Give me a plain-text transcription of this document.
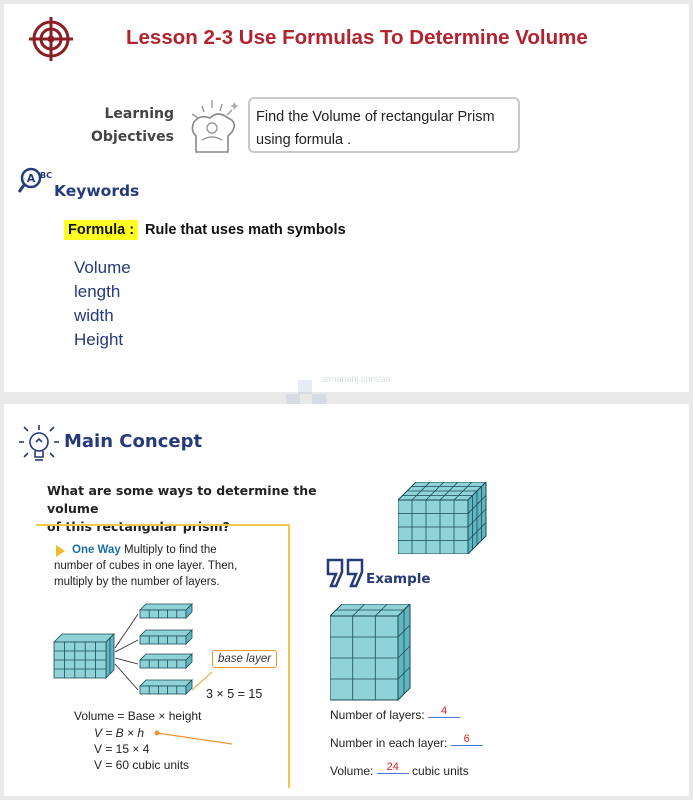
Lesson 2-3 Use Formulas To Determine Volume
Learning
Objectives
Find the Volume of rectangular Prism
using formula .
A BC
Keywords
Formula : Rule that uses math symbols
Volume
length
width
Height
almanahj.com/ae
Main Concept
What are some ways to determine the volume
of this rectangular prism?
One Way Multiply to find the
number of cubes in one layer. Then,
multiply by the number of layers.
base layer
3 × 5 = 15
Volume = Base × height
V = B × h
V = 15 × 4
V = 60 cubic units
Example
Number of layers: 4
Number in each layer: 6
Volume: 24 cubic units
